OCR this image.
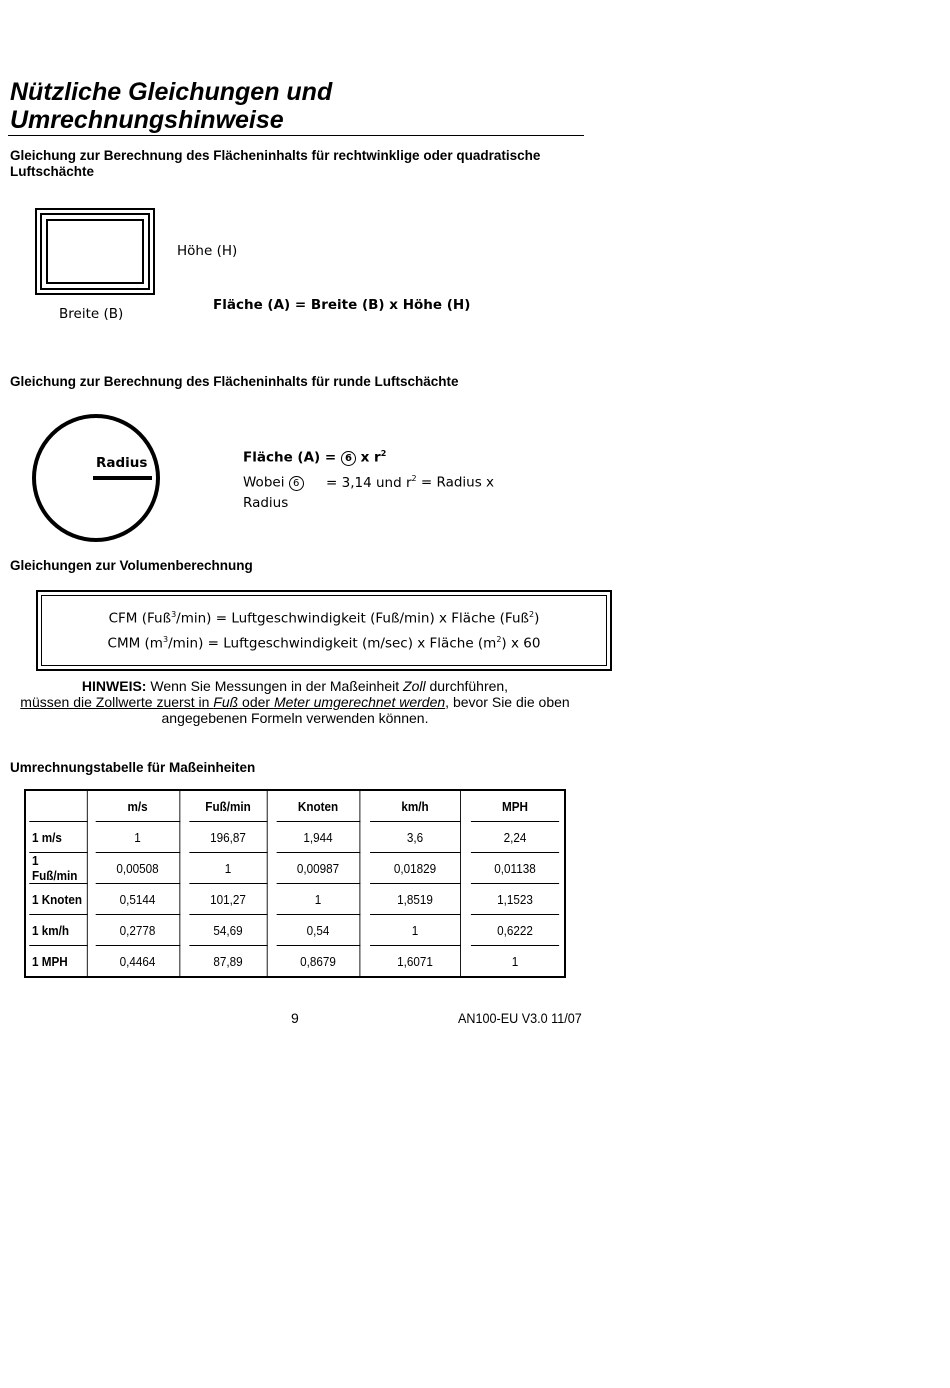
Nützliche Gleichungen und
Umrechnungshinweise
Gleichung zur Berechnung des Flächeninhalts für rechtwinklige oder quadratische
Luftschächte
Höhe (H)
Breite (B)
Fläche (A) = Breite (B) x Höhe (H)
Gleichung zur Berechnung des Flächeninhalts für runde Luftschächte
Radius	Fläche (A) = 6 x $r^2$
Wobei 6 = 3,14 und $r^2$ = Radius x
Radius
Gleichungen zur Volumenberechnung
CFM (Fuß$^3$/min) = Luftgeschwindigkeit (Fuß/min) x Fläche (Fuß$^2$)
CMM $(m^3/\min)$ = Luftgeschwindigkeit (m/sec) x Fläche $(m^2)$ x 60
HINWEIS: Wenn Sie Messungen in der Maßeinheit Zoll durchführen,
müssen die Zollwerte zuerst in Fuß oder Meter umgerechnet werden, bevor Sie die oben
angegebenen Formeln verwenden können.
Umrechnungstabelle für Maßeinheiten
	m/s	Fuß/min	Knoten	km/h	MPH
1 m/s	1	196,87	1,944	3,6	2,24
1 Fuß/min	0,00508	1	0,00987	0,01829	0,01138
1 Knoten	0,5144	101,27	1	1,8519	1,1523
1 km/h	0,2778	54,69	0,54	1	0,6222
1 MPH	0,4464	87,89	0,8679	1,6071	1
9	AN100-EU V3.0 11/07
